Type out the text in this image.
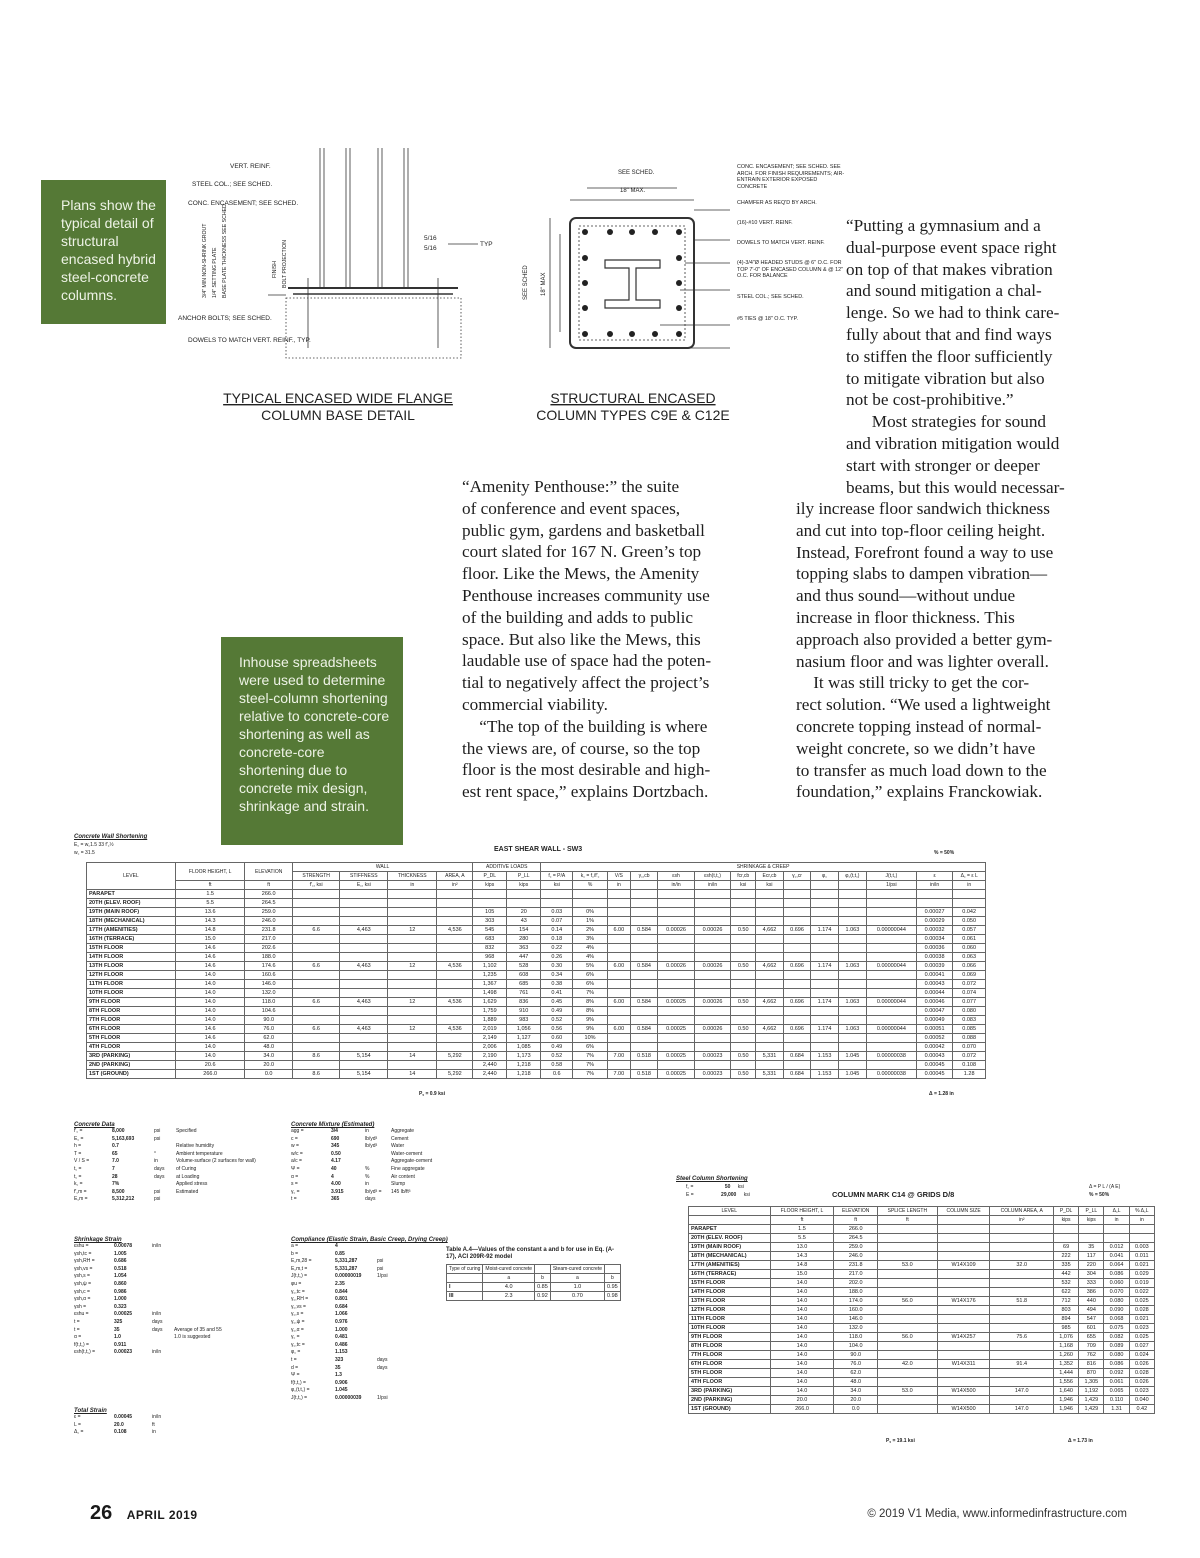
Plans show the typical detail of structural encased hybrid steel-concrete columns.
Inhouse spreadsheets were used to determine steel-column shortening relative to concrete-core shortening as well as concrete-core shortening due to concrete mix design, shrinkage and strain.
VERT. REINF.
STEEL COL.; SEE SCHED.
CONC. ENCASEMENT; SEE SCHED.
ANCHOR BOLTS; SEE SCHED.
DOWELS TO MATCH VERT. REINF., TYP.
5/16
5/16
TYP
3/4" MIN NON-SHRINK GROUT 1/4" SETTING PLATE BASE PLATE THICKNESS SEE SCHED.	FINISH BOLT PROJECTION
TYPICAL ENCASED WIDE FLANGE
COLUMN BASE DETAIL
SEE SCHED.
18" MAX.
SEE SCHED 18" MAX
CONC. ENCASEMENT; SEE SCHED. SEE ARCH. FOR FINISH REQUIREMENTS; AIR-ENTRAIN EXTERIOR EXPOSED CONCRETE
CHAMFER AS REQ'D BY ARCH.
(16)-#10 VERT. REINF.
DOWELS TO MATCH VERT. REINF.
(4)-3/4"Ø HEADED STUDS @ 6" O.C. FOR TOP 7'-0" OF ENCASED COLUMN & @ 12" O.C. FOR BALANCE
STEEL COL.; SEE SCHED.
#5 TIES @ 18" O.C. TYP.
STRUCTURAL ENCASED
COLUMN TYPES C9E & C12E
“Amenity Penthouse:” the suite
of conference and event spaces,
public gym, gardens and basketball
court slated for 167 N. Green’s top
floor. Like the Mews, the Amenity
Penthouse increases community use
of the building and adds to public
space. But also like the Mews, this
laudable use of space had the poten-
tial to negatively affect the project’s
commercial viability.
“The top of the building is where
the views are, of course, so the top
floor is the most desirable and high-
est rent space,” explains Dortzbach.
“Putting a gymnasium and a
dual-purpose event space right
on top of that makes vibration
and sound mitigation a chal-
lenge. So we had to think care-
fully about that and find ways
to stiffen the floor sufficiently
to mitigate vibration but also
not be cost-prohibitive.”
Most strategies for sound
and vibration mitigation would
start with stronger or deeper
beams, but this would necessar-
ily increase floor sandwich thickness
and cut into top-floor ceiling height.
Instead, Forefront found a way to use
topping slabs to dampen vibration—
and thus sound—without undue
increase in floor thickness. This
approach also provided a better gym-
nasium floor and was lighter overall.
It was still tricky to get the cor-
rect solution. “We used a lightweight
concrete topping instead of normal-
weight concrete, so we didn’t have
to transfer as much load down to the
foundation,” explains Franckowiak.
Concrete Wall Shortening
E꜀ = w꜀1.5 33 f'꜀½
w꜀ = 31.5	EAST SHEAR WALL - SW3	% = 50%
LEVEL	FLOOR HEIGHT, L	ELEVATION	WALL				ADDITIVE LOADS		SHRINKAGE & CREEP													
			STRENGTH	STIFFNESS	THICKNESS	AREA, A	P_DL	P_LL	f꜀ = P/A	k꜀ = f꜀/f'꜀	V/S	γ꜀,cb	εsh	εsh(t,t꜀)	fcr,cb	Ecr,cb	γ꜀,cr	φ꜀	φ꜀(t,t꜀)	J(t,t꜀)	ε	Δ꜀ = ε L
	ft	ft	f'꜀, ksi	E꜀, ksi	in	in²	kips	kips	ksi	%	in		in/in	in/in	ksi	ksi				1/psi	in/in	in
PARAPET	1.5	266.0																				
20TH (ELEV. ROOF)	5.5	264.5																				
19TH (MAIN ROOF)	13.6	259.0					105	20	0.03	0%											0.00027	0.042
18TH (MECHANICAL)	14.3	246.0					303	43	0.07	1%											0.00029	0.050
17TH (AMENITIES)	14.8	231.8	6.6	4,463	12	4,536	545	154	0.14	2%	6.00	0.584	0.00026	0.00026	0.50	4,662	0.696	1.174	1.063	0.00000044	0.00032	0.057
16TH (TERRACE)	15.0	217.0					683	280	0.18	3%											0.00034	0.061
15TH FLOOR	14.6	202.6					832	363	0.22	4%											0.00036	0.060
14TH FLOOR	14.6	188.0					968	447	0.26	4%											0.00038	0.063
13TH FLOOR	14.6	174.6	6.6	4,463	12	4,536	1,102	528	0.30	5%	6.00	0.584	0.00026	0.00026	0.50	4,662	0.696	1.174	1.063	0.00000044	0.00039	0.066
12TH FLOOR	14.0	160.6					1,235	608	0.34	6%											0.00041	0.069
11TH FLOOR	14.0	146.0					1,367	685	0.38	6%											0.00043	0.072
10TH FLOOR	14.0	132.0					1,498	761	0.41	7%											0.00044	0.074
9TH FLOOR	14.0	118.0	6.6	4,463	12	4,536	1,629	836	0.45	8%	6.00	0.584	0.00025	0.00026	0.50	4,662	0.696	1.174	1.063	0.00000044	0.00046	0.077
8TH FLOOR	14.0	104.6					1,759	910	0.49	8%											0.00047	0.080
7TH FLOOR	14.0	90.0					1,889	983	0.52	9%											0.00049	0.083
6TH FLOOR	14.6	76.0	6.6	4,463	12	4,536	2,019	1,056	0.56	9%	6.00	0.584	0.00025	0.00026	0.50	4,662	0.696	1.174	1.063	0.00000044	0.00051	0.085
5TH FLOOR	14.6	62.0					2,149	1,127	0.60	10%											0.00052	0.088
4TH FLOOR	14.0	48.0					2,006	1,085	0.49	6%											0.00042	0.070
3RD (PARKING)	14.0	34.0	8.6	5,154	14	5,292	2,190	1,173	0.52	7%	7.00	0.518	0.00025	0.00023	0.50	5,331	0.684	1.153	1.045	0.00000038	0.00043	0.072
2ND (PARKING)	20.6	20.0					2,440	1,218	0.58	7%											0.00045	0.108
1ST (GROUND)	266.0	0.0	8.6	5,154	14	5,292	2,440	1,218	0.6	7%	7.00	0.518	0.00025	0.00023	0.50	5,331	0.684	1.153	1.045	0.00000038	0.00045	1.28
P꜀ = 0.9 ksi	Δ = 1.28 in
Concrete Data
f'꜀ =	8,000	psi	Specified
E꜀ =	5,163,693	psi
h =	0.7	Relative humidity
T =	65	°	Ambient temperature
V / S =	7.0	in	Volume-surface (2 surfaces for wall)
t꜀ =	7	days of Curing
t꜀ =	28	days at Loading
k꜀ =	7%	Applied stress
f'꜀m =	8,500	psi	Estimated
E꜀m =	5,312,212	psi
Concrete Mixture (Estimated)
agg =	3/4	in	Aggregate
c =	690	lb/yd³	Cement
w =	345	lb/yd³	Water
w/c =	0.50	Water-cement
a/c =	4.17	Aggregate-cement
Ψ =	40	%	Fine aggregate
α =	4	%	Air content
s =	4.00	in	Slump
γ꜀ =	3.915	lb/yd³ = 145 lb/ft³
t =	365	days
Shrinkage Strain
εshu =	0.00078	in/in
γsh,tc =	1.005
γsh,RH =	0.686
γsh,vs =	0.518
γsh,s =	1.054
γsh,ψ =	0.860
γsh,c =	0.986
γsh,α =	1.000
γsh =	0.323
εshu =	0.00025	in/in
t =	325	days
t =	35	days Average of 35 and 55
α =	1.0	1.0 is suggested
f(t,t꜀) =	0.911
εsh(t,t꜀) =	0.00023	in/in
Compliance (Elastic Strain, Basic Creep, Drying Creep)
a =	4
b =	0.85
E꜀m,28 =	5,331,287	psi
E꜀m,t =	5,331,287	psi
J(t,t꜀) =	0.00000019	1/psi
φu =	2.35
γ꜀,tc =	0.844
γ꜀,RH =	0.801
γ꜀,vs =	0.684
γ꜀,s =	1.066
γ꜀,ψ =	0.976
γ꜀,α =	1.000
γ꜀ =	0.481
γ꜀,tc =	0.486
φ꜀ =	1.153
t =	323	days
d =	35	days
Ψ =	1.3
f(t,t꜀) =	0.906
φ꜀(t,t꜀) =	1.045
J(t,t꜀) =	0.00000039	1/psi
Total Strain
ε =	0.00045	in/in
L =	20.0	ft
Δ꜀ =	0.108	in
Table A.4—Values of the constant a and b for use in Eq. (A-17), ACI 209R-92 model
Type of curing	Moist-cured concrete		Steam-cured concrete	
	a	b	a	b
I	4.0	0.85	1.0	0.95
III	2.3	0.92	0.70	0.98
Steel Column Shortening
f꜀ =	50 ksi
E =	29,000 ksi	COLUMN MARK C14 @ GRIDS D/8
Δ = P L / (A E)
% = 50%
LEVEL	FLOOR HEIGHT, L	ELEVATION	SPLICE LENGTH	COLUMN SIZE	COLUMN AREA, A	P_DL	P_LL	Δ꜀L	% Δ꜀L
	ft	ft	ft		in²	kips	kips	in	in
PARAPET	1.5	266.0							
20TH (ELEV. ROOF)	5.5	264.5							
19TH (MAIN ROOF)	13.0	259.0				69	35	0.012	0.003
18TH (MECHANICAL)	14.3	246.0				222	117	0.041	0.011
17TH (AMENITIES)	14.8	231.8	53.0	W14X109	32.0	335	220	0.064	0.021
16TH (TERRACE)	15.0	217.0				442	304	0.086	0.029
15TH FLOOR	14.0	202.0				532	333	0.060	0.019
14TH FLOOR	14.0	188.0				622	386	0.070	0.022
13TH FLOOR	14.0	174.0	56.0	W14X176	51.8	712	440	0.080	0.025
12TH FLOOR	14.0	160.0				803	494	0.090	0.028
11TH FLOOR	14.0	146.0				894	547	0.068	0.021
10TH FLOOR	14.0	132.0				985	601	0.075	0.023
9TH FLOOR	14.0	118.0	56.0	W14X257	75.6	1,076	655	0.082	0.025
8TH FLOOR	14.0	104.0				1,168	709	0.089	0.027
7TH FLOOR	14.0	90.0				1,260	762	0.080	0.024
6TH FLOOR	14.0	76.0	42.0	W14X311	91.4	1,352	816	0.086	0.026
5TH FLOOR	14.0	62.0				1,444	870	0.092	0.028
4TH FLOOR	14.0	48.0				1,556	1,305	0.061	0.026
3RD (PARKING)	14.0	34.0	53.0	W14X500	147.0	1,640	1,192	0.065	0.023
2ND (PARKING)	20.0	20.0				1,946	1,429	0.110	0.040
1ST (GROUND)	266.0	0.0		W14X500	147.0	1,946	1,429	1.31	0.42
P꜀ = 19.1 ksi	Δ = 1.73 in
26 APRIL 2019	© 2019 V1 Media, www.informedinfrastructure.com
